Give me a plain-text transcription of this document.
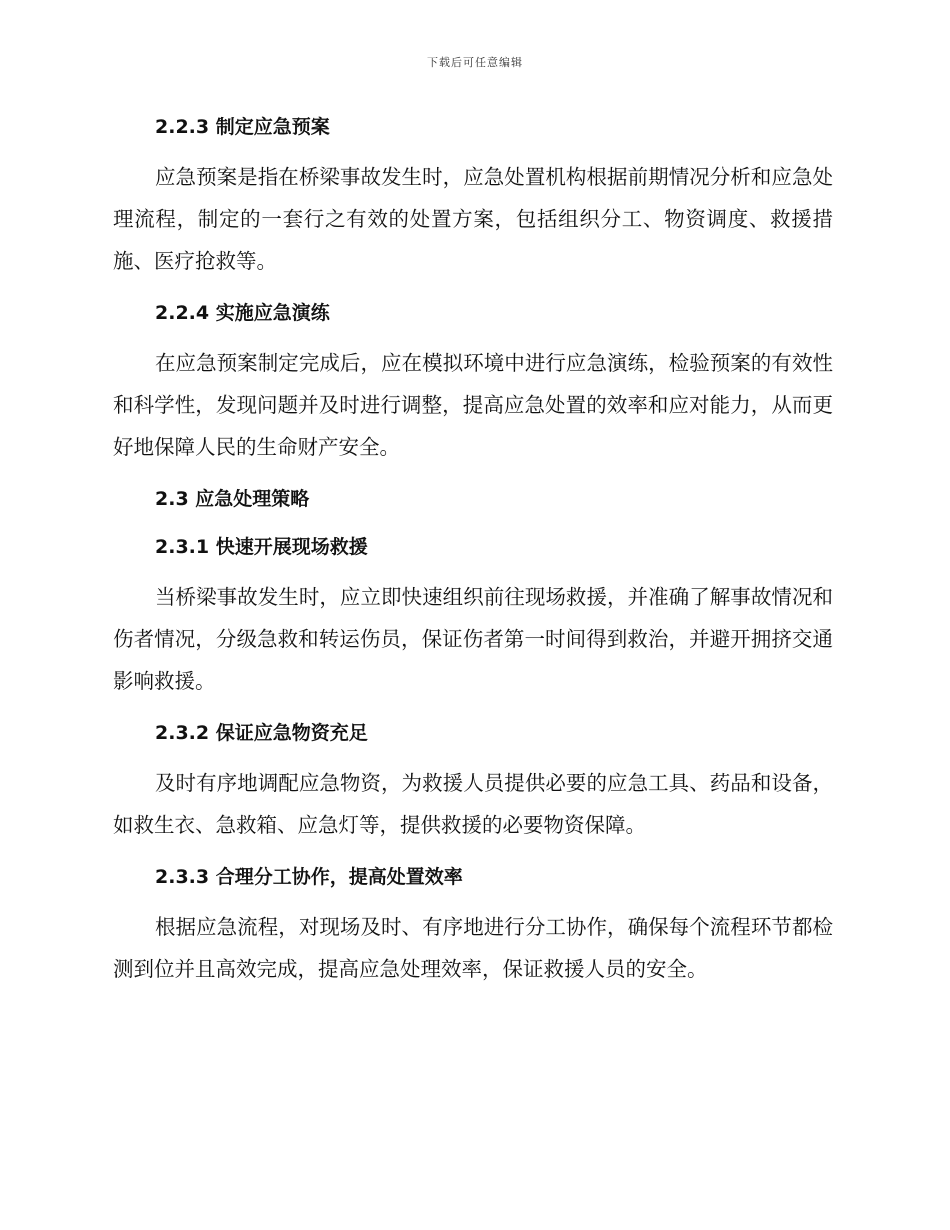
下载后可任意编辑
2.2.3 制定应急预案

应急预案是指在桥梁事故发生时，应急处置机构根据前期情况分析和应急处理流程，制定的一套行之有效的处置方案，包括组织分工、物资调度、救援措施、医疗抢救等。

2.2.4 实施应急演练

在应急预案制定完成后，应在模拟环境中进行应急演练，检验预案的有效性和科学性，发现问题并及时进行调整，提高应急处置的效率和应对能力，从而更好地保障人民的生命财产安全。

2.3 应急处理策略
2.3.1 快速开展现场救援

当桥梁事故发生时，应立即快速组织前往现场救援，并准确了解事故情况和伤者情况，分级急救和转运伤员，保证伤者第一时间得到救治，并避开拥挤交通影响救援。

2.3.2 保证应急物资充足

及时有序地调配应急物资，为救援人员提供必要的应急工具、药品和设备，如救生衣、急救箱、应急灯等，提供救援的必要物资保障。

2.3.3 合理分工协作，提高处置效率

根据应急流程，对现场及时、有序地进行分工协作，确保每个流程环节都检测到位并且高效完成，提高应急处理效率，保证救援人员的安全。
